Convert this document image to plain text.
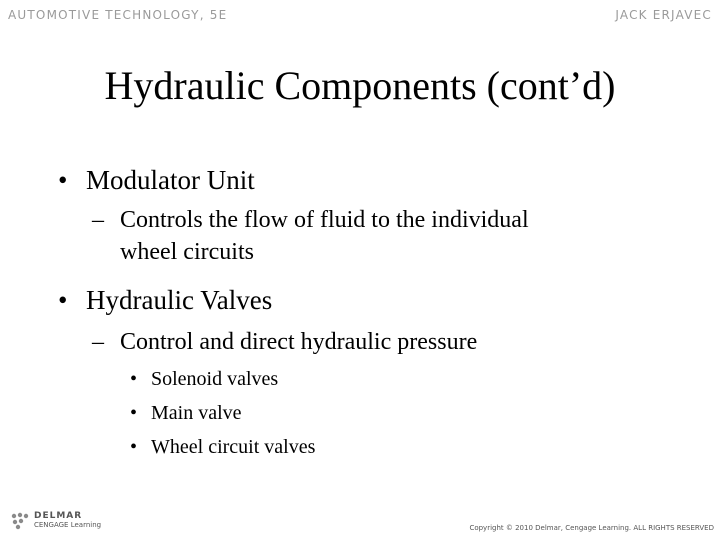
AUTOMOTIVE TECHNOLOGY, 5E	JACK ERJAVEC
Hydraulic Components (cont’d)
• Modulator Unit
– Controls the flow of fluid to the individual
wheel circuits
• Hydraulic Valves
– Control and direct hydraulic pressure
• Solenoid valves
• Main valve
• Wheel circuit valves
DELMAR
CENGAGE Learning	Copyright © 2010 Delmar, Cengage Learning. ALL RIGHTS RESERVED
